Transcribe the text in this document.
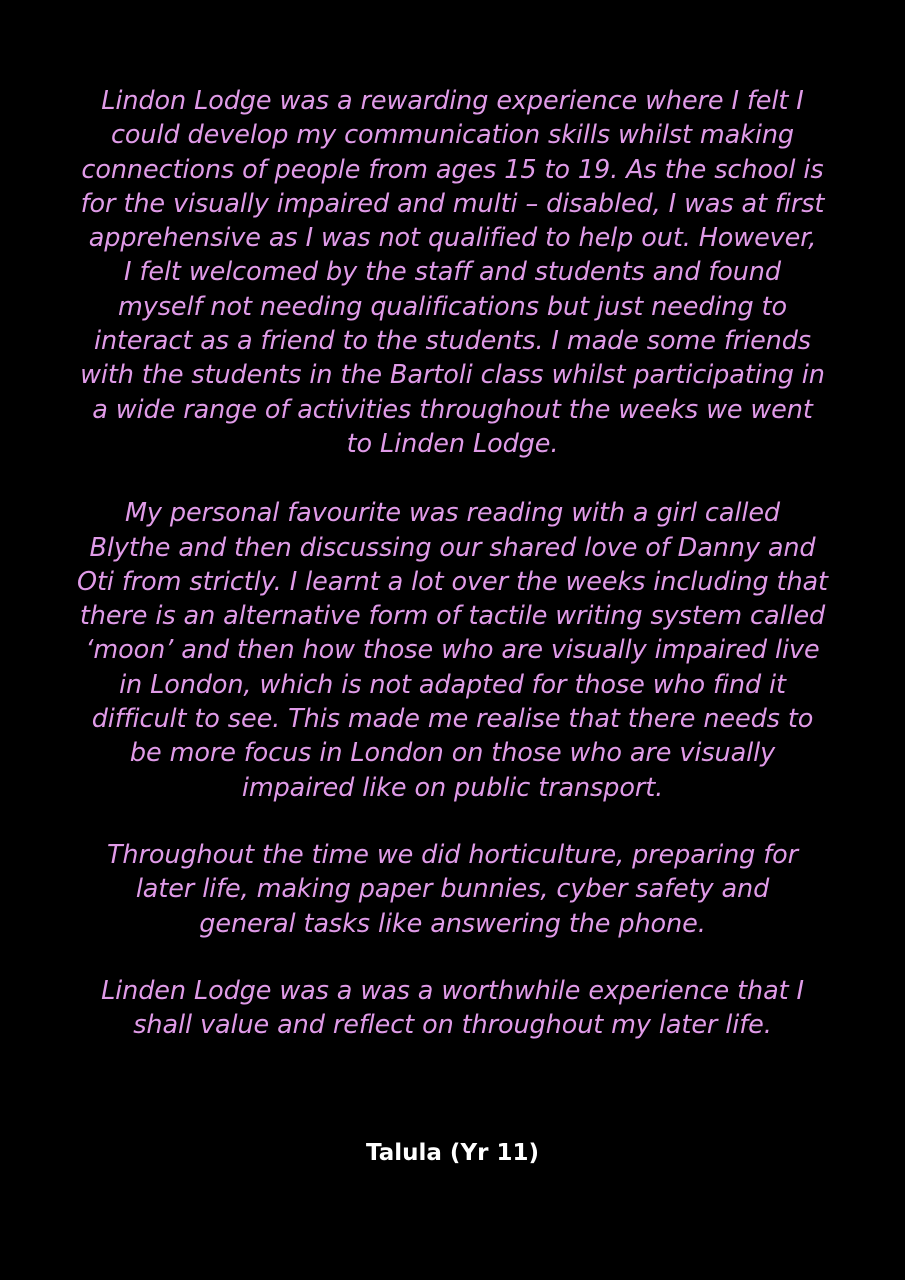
Lindon Lodge was a rewarding experience where I felt I
could develop my communication skills whilst making
connections of people from ages 15 to 19. As the school is
for the visually impaired and multi – disabled, I was at first
apprehensive as I was not qualified to help out. However,
I felt welcomed by the staff and students and found
myself not needing qualifications but just needing to
interact as a friend to the students. I made some friends
with the students in the Bartoli class whilst participating in
a wide range of activities throughout the weeks we went
to Linden Lodge.

My personal favourite was reading with a girl called
Blythe and then discussing our shared love of Danny and
Oti from strictly. I learnt a lot over the weeks including that
there is an alternative form of tactile writing system called
‘moon’ and then how those who are visually impaired live
in London, which is not adapted for those who find it
difficult to see. This made me realise that there needs to
be more focus in London on those who are visually
impaired like on public transport.

Throughout the time we did horticulture, preparing for
later life, making paper bunnies, cyber safety and
general tasks like answering the phone.

Linden Lodge was a was a worthwhile experience that I
shall value and reflect on throughout my later life.

Talula (Yr 11)
